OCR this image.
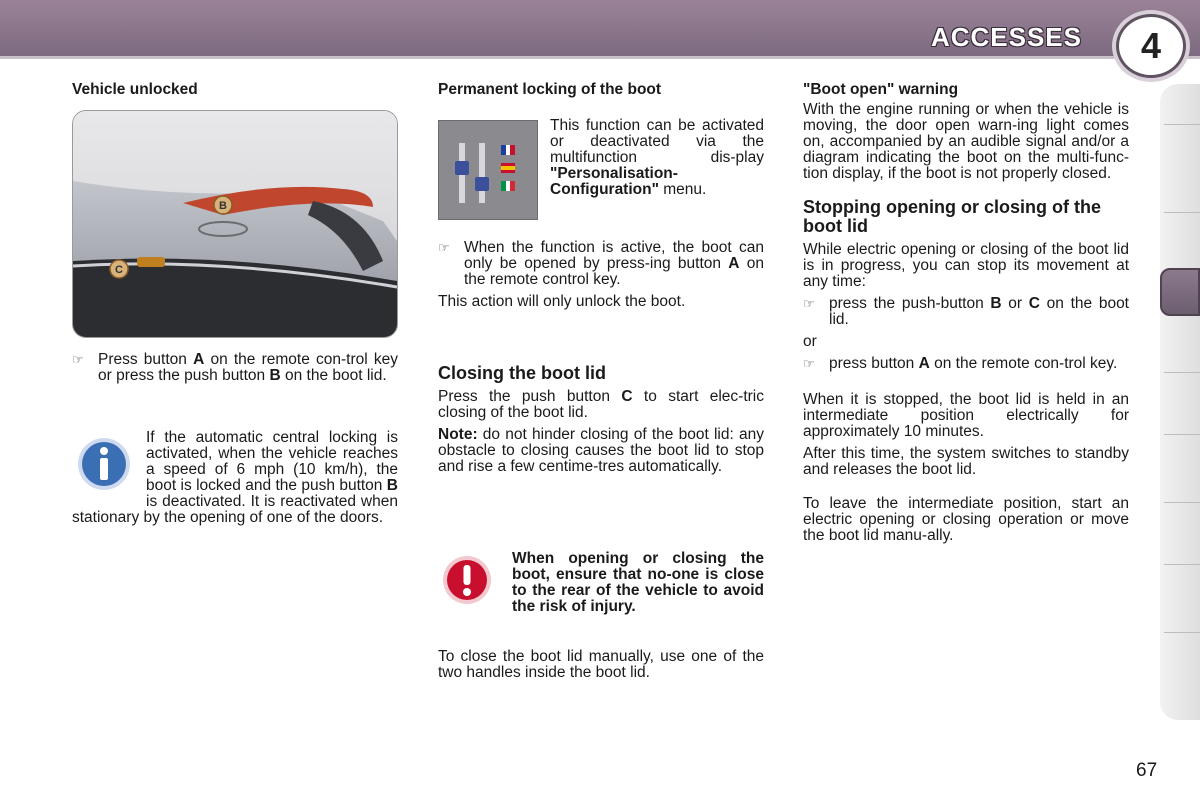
ACCESSES	4
Vehicle unlocked
B
C
☞ Press button A on the remote con-trol key or press the push button B on the boot lid.

If the automatic central locking is activated, when the vehicle reaches a speed of 6 mph (10 km/h), the boot is locked and the push button B is deactivated. It is reactivated when stationary by the opening of one of the doors.

Permanent locking of the boot

This function can be activated or deactivated via the multifunction dis-play "Personalisation-Configuration" menu.

☞ When the function is active, the boot can only be opened by press-ing button A on the remote control key.

This action will only unlock the boot.

Closing the boot lid

Press the push button C to start elec-tric closing of the boot lid.

Note: do not hinder closing of the boot lid: any obstacle to closing causes the boot lid to stop and rise a few centime-tres automatically.

When opening or closing the boot, ensure that no-one is close to the rear of the vehicle to avoid the risk of injury.

To close the boot lid manually, use one of the two handles inside the boot lid.

"Boot open" warning

With the engine running or when the vehicle is moving, the door open warn-ing light comes on, accompanied by an audible signal and/or a diagram indicating the boot on the multi-func-tion display, if the boot is not properly closed.

Stopping opening or closing of the boot lid

While electric opening or closing of the boot lid is in progress, you can stop its movement at any time:

☞ press the push-button B or C on the boot lid.

or

☞ press button A on the remote con-trol key.

When it is stopped, the boot lid is held in an intermediate position electrically for approximately 10 minutes.

After this time, the system switches to standby and releases the boot lid.

To leave the intermediate position, start an electric opening or closing operation or move the boot lid manu-ally.

67
